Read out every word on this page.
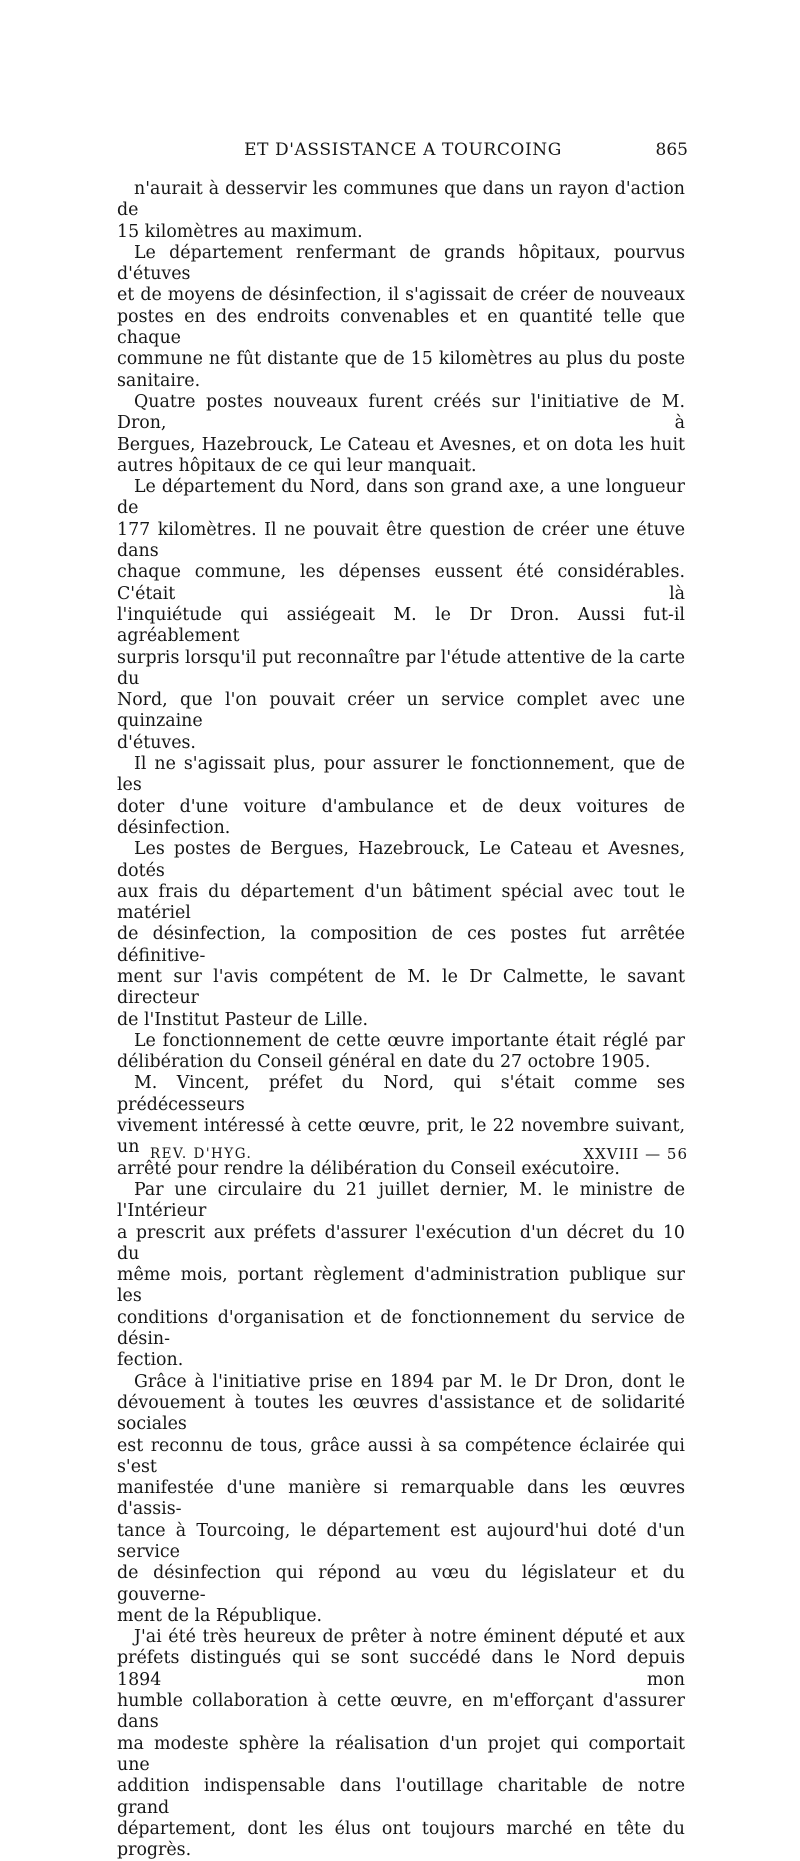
ET D'ASSISTANCE A TOURCOING	865

n'aurait à desservir les communes que dans un rayon d'action de
15 kilomètres au maximum.

Le département renfermant de grands hôpitaux, pourvus d'étuves
et de moyens de désinfection, il s'agissait de créer de nouveaux
postes en des endroits convenables et en quantité telle que chaque
commune ne fût distante que de 15 kilomètres au plus du poste
sanitaire.

Quatre postes nouveaux furent créés sur l'initiative de M. Dron, à
Bergues, Hazebrouck, Le Cateau et Avesnes, et on dota les huit
autres hôpitaux de ce qui leur manquait.

Le département du Nord, dans son grand axe, a une longueur de
177 kilomètres. Il ne pouvait être question de créer une étuve dans
chaque commune, les dépenses eussent été considérables. C'était là
l'inquiétude qui assiégeait M. le Dr Dron. Aussi fut-il agréablement
surpris lorsqu'il put reconnaître par l'étude attentive de la carte du
Nord, que l'on pouvait créer un service complet avec une quinzaine
d'étuves.

Il ne s'agissait plus, pour assurer le fonctionnement, que de les
doter d'une voiture d'ambulance et de deux voitures de désinfection.

Les postes de Bergues, Hazebrouck, Le Cateau et Avesnes, dotés
aux frais du département d'un bâtiment spécial avec tout le matériel
de désinfection, la composition de ces postes fut arrêtée définitive-
ment sur l'avis compétent de M. le Dr Calmette, le savant directeur
de l'Institut Pasteur de Lille.

Le fonctionnement de cette œuvre importante était réglé par
délibération du Conseil général en date du 27 octobre 1905.

M. Vincent, préfet du Nord, qui s'était comme ses prédécesseurs
vivement intéressé à cette œuvre, prit, le 22 novembre suivant, un
arrêté pour rendre la délibération du Conseil exécutoire.

Par une circulaire du 21 juillet dernier, M. le ministre de l'Intérieur
a prescrit aux préfets d'assurer l'exécution d'un décret du 10 du
même mois, portant règlement d'administration publique sur les
conditions d'organisation et de fonctionnement du service de désin-
fection.

Grâce à l'initiative prise en 1894 par M. le Dr Dron, dont le
dévouement à toutes les œuvres d'assistance et de solidarité sociales
est reconnu de tous, grâce aussi à sa compétence éclairée qui s'est
manifestée d'une manière si remarquable dans les œuvres d'assis-
tance à Tourcoing, le département est aujourd'hui doté d'un service
de désinfection qui répond au vœu du législateur et du gouverne-
ment de la République.

J'ai été très heureux de prêter à notre éminent député et aux
préfets distingués qui se sont succédé dans le Nord depuis 1894 mon
humble collaboration à cette œuvre, en m'efforçant d'assurer dans
ma modeste sphère la réalisation d'un projet qui comportait une
addition indispensable dans l'outillage charitable de notre grand
département, dont les élus ont toujours marché en tête du progrès.

REV. D'HYG.	XXVIII — 56
